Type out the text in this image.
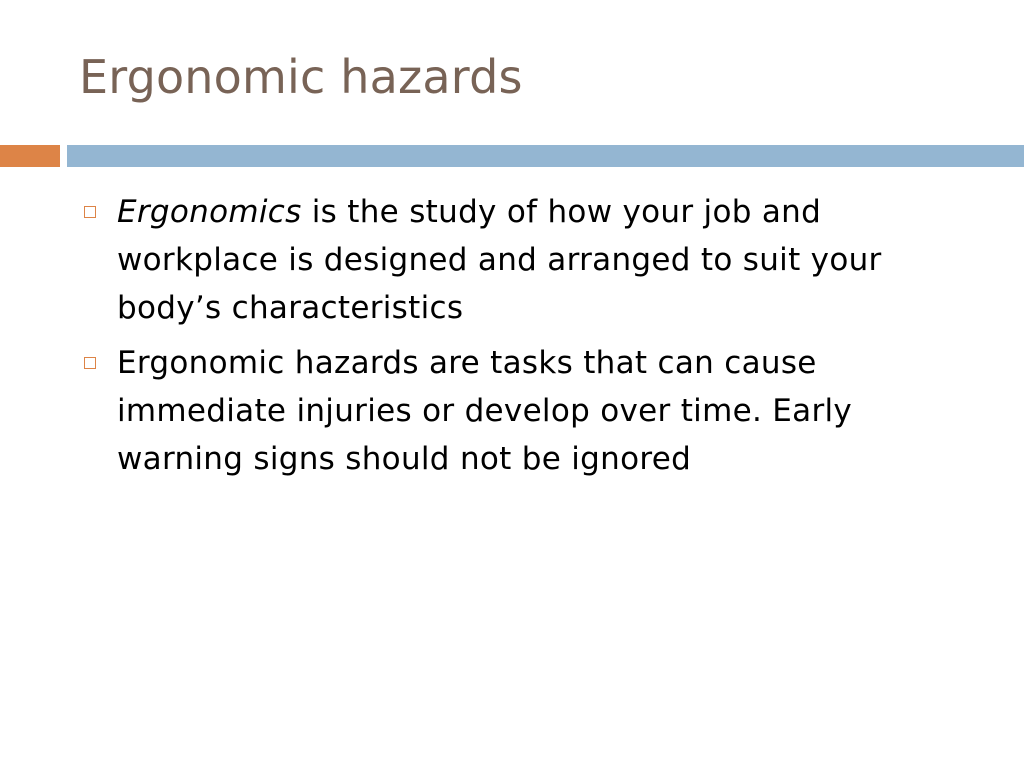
Ergonomic hazards
Ergonomics is the study of how your job and workplace is designed and arranged to suit your body’s characteristics
Ergonomic hazards are tasks that can cause immediate injuries or develop over time. Early warning signs should not be ignored
